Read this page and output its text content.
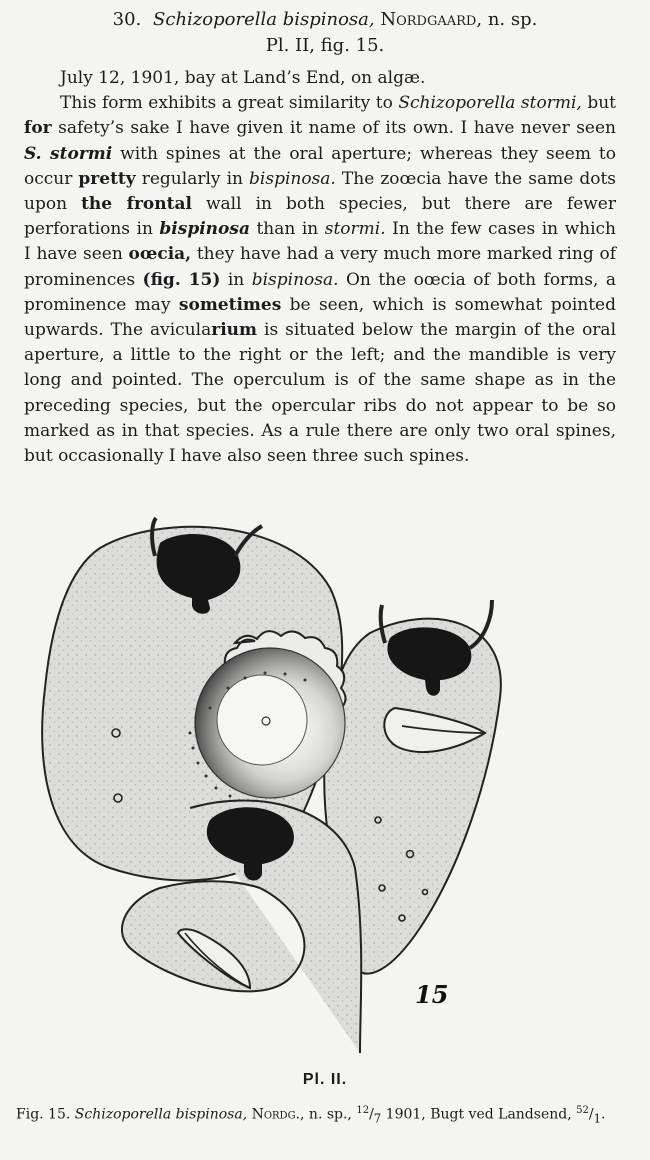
30. Schizoporella bispinosa, Nordgaard, n. sp.
Pl. II, fig. 15.

July 12, 1901, bay at Land’s End, on algæ.

This form exhibits a great similarity to Schizoporella stormi, but for safety’s sake I have given it name of its own. I have never seen S. stormi with spines at the oral aperture; whereas they seem to occur pretty regularly in bispinosa. The zoœcia have the same dots upon the frontal wall in both species, but there are fewer perforations in bispinosa than in stormi. In the few cases in which I have seen oœcia, they have had a very much more marked ring of prominences (fig. 15) in bispinosa. On the oœcia of both forms, a prominence may sometimes be seen, which is somewhat pointed upwards. The avicularium is situated below the margin of the oral aperture, a little to the right or the left; and the mandible is very long and pointed. The operculum is of the same shape as in the preceding species, but the opercular ribs do not appear to be so marked as in that species. As a rule there are only two oral spines, but occasionally I have also seen three such spines.

15
Pl. II.
Fig. 15. Schizoporella bispinosa, Nordg., n. sp., $^{12}/_7$ 1901, Bugt ved Landsend, $^{52}/_1$.
